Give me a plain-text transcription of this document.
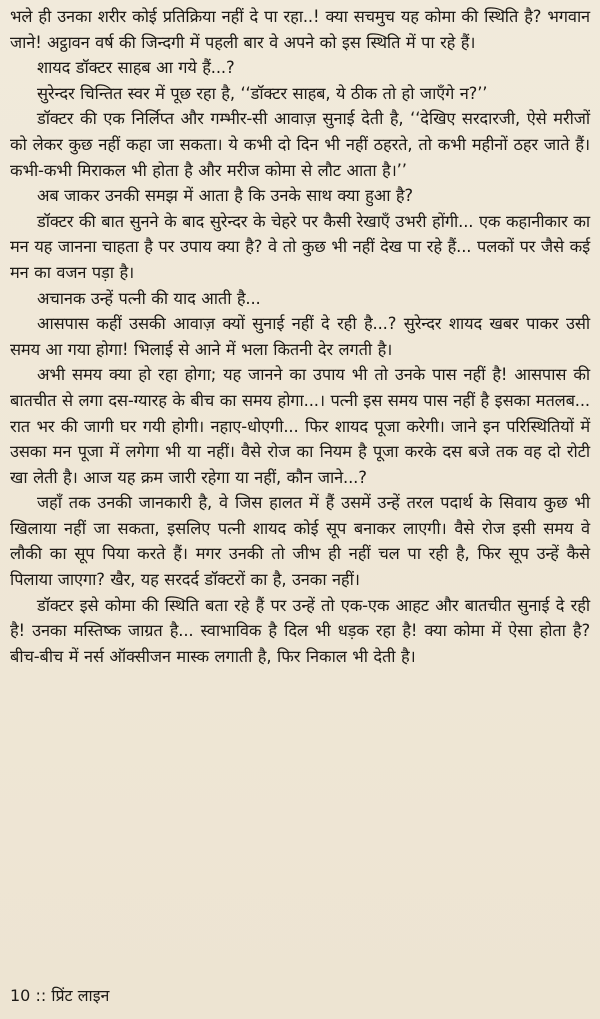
भले ही उनका शरीर कोई प्रतिक्रिया नहीं दे पा रहा..! क्या सचमुच यह कोमा की स्थिति है? भगवान जाने! अट्ठावन वर्ष की जिन्दगी में पहली बार वे अपने को इस स्थिति में पा रहे हैं।

शायद डॉक्टर साहब आ गये हैं...?

सुरेन्दर चिन्तित स्वर में पूछ रहा है, ‘‘डॉक्टर साहब, ये ठीक तो हो जाएँगे न?’’

डॉक्टर की एक निर्लिप्त और गम्भीर-सी आवाज़ सुनाई देती है, ‘‘देखिए सरदारजी, ऐसे मरीजों को लेकर कुछ नहीं कहा जा सकता। ये कभी दो दिन भी नहीं ठहरते, तो कभी महीनों ठहर जाते हैं। कभी-कभी मिराकल भी होता है और मरीज कोमा से लौट आता है।’’

अब जाकर उनकी समझ में आता है कि उनके साथ क्या हुआ है?

डॉक्टर की बात सुनने के बाद सुरेन्दर के चेहरे पर कैसी रेखाएँ उभरी होंगी... एक कहानीकार का मन यह जानना चाहता है पर उपाय क्या है? वे तो कुछ भी नहीं देख पा रहे हैं... पलकों पर जैसे कई मन का वजन पड़ा है।

अचानक उन्हें पत्नी की याद आती है...

आसपास कहीं उसकी आवाज़ क्यों सुनाई नहीं दे रही है...? सुरेन्दर शायद खबर पाकर उसी समय आ गया होगा! भिलाई से आने में भला कितनी देर लगती है।

अभी समय क्या हो रहा होगा; यह जानने का उपाय भी तो उनके पास नहीं है! आसपास की बातचीत से लगा दस-ग्यारह के बीच का समय होगा...। पत्नी इस समय पास नहीं है इसका मतलब... रात भर की जागी घर गयी होगी। नहाए-धोएगी... फिर शायद पूजा करेगी। जाने इन परिस्थितियों में उसका मन पूजा में लगेगा भी या नहीं। वैसे रोज का नियम है पूजा करके दस बजे तक वह दो रोटी खा लेती है। आज यह क्रम जारी रहेगा या नहीं, कौन जाने...?

जहाँ तक उनकी जानकारी है, वे जिस हालत में हैं उसमें उन्हें तरल पदार्थ के सिवाय कुछ भी खिलाया नहीं जा सकता, इसलिए पत्नी शायद कोई सूप बनाकर लाएगी। वैसे रोज इसी समय वे लौकी का सूप पिया करते हैं। मगर उनकी तो जीभ ही नहीं चल पा रही है, फिर सूप उन्हें कैसे पिलाया जाएगा? खैर, यह सरदर्द डॉक्टरों का है, उनका नहीं।

डॉक्टर इसे कोमा की स्थिति बता रहे हैं पर उन्हें तो एक-एक आहट और बातचीत सुनाई दे रही है! उनका मस्तिष्क जाग्रत है... स्वाभाविक है दिल भी धड़क रहा है! क्या कोमा में ऐसा होता है? बीच-बीच में नर्स ऑक्सीजन मास्क लगाती है, फिर निकाल भी देती है।

10 :: प्रिंट लाइन
